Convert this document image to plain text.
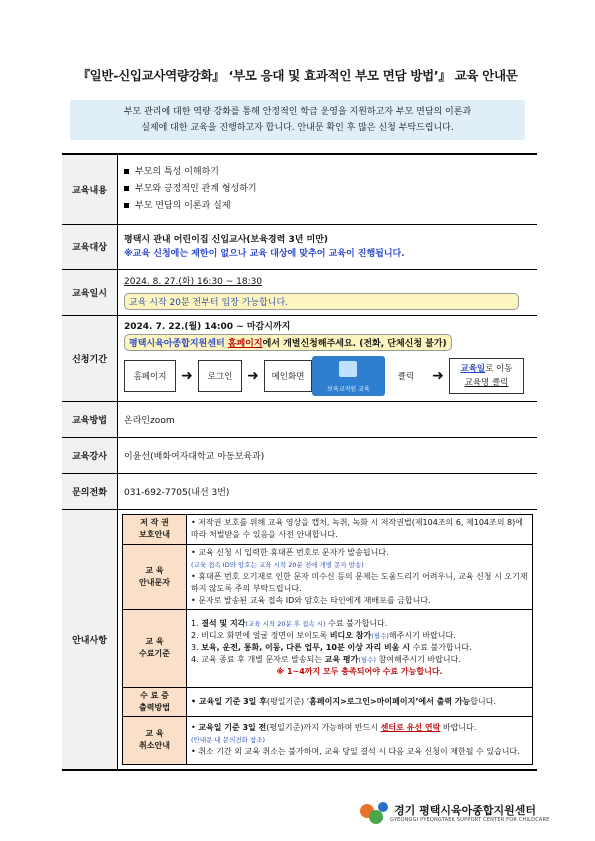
『일반-신입교사역량강화』 ‘부모 응대 및 효과적인 부모 면담 방법’』 교육 안내문
부모 관리에 대한 역량 강화를 통해 안정적인 학급 운영을 지원하고자 부모 면담의 이론과
실제에 대한 교육을 진행하고자 합니다. 안내문 확인 후 많은 신청 부탁드립니다.
교육내용	
부모의 특성 이해하기
부모와 긍정적인 관계 형성하기
부모 면담의 이론과 실제

교육대상	
평택시 관내 어린이집 신입교사(보육경력 3년 미만)
※교육 신청에는 제한이 없으나 교육 대상에 맞추어 교육이 진행됩니다.

교육일시	
2024. 8. 27.(화) 16:30 ~ 18:30
교육 시작 20분 전부터 입장 가능합니다.
신청기간	
2024. 7. 22.(월) 14:00 ~ 마감시까지
평택시육아종합지원센터 홈페이지에서 개별신청해주세요. (전화, 단체신청 불가)
홈페이지	➜	로그인	➜	메인화면
보육교직원 교육
클릭	➜	교육일로 이동
교육명 클릭

교육방법	온라인zoom
교육강사	이윤선(배화여자대학교 아동보육과)
문의전화	031-692-7705(내선 3번)
안내사항	
저 작 권
보호안내
	• 저작권 보호를 위해 교육 영상을 캡처, 녹취, 녹화 시 저작권법(제104조의 6, 제104조의 8)에 따라 처벌받을 수 있음을 사전 안내합니다.

교 육
안내문자

• 교육 신청 시 입력한 휴대폰 번호로 문자가 발송됩니다.
(교육 접속 ID와 암호는 교육 시작 20분 전에 개별 문자 발송)
• 휴대폰 번호 오기재로 인한 문자 미수신 등의 문제는 도움드리기 어려우니, 교육 신청 시 오기재하지 않도록 주의 부탁드립니다.
• 문자로 발송된 교육 접속 ID와 암호는 타인에게 재배포를 금합니다.

교 육
수료기준

1. 결석 및 지각(교육 시작 20분 후 접속 시) 수료 불가합니다.
2. 비디오 화면에 얼굴 정면이 보이도록 비디오 참가(필수)해주시기 바랍니다.
3. 보육, 운전, 통화, 이동, 다른 업무, 10분 이상 자리 비움 시 수료 불가합니다.
4. 교육 종료 후 개별 문자로 발송되는 교육 평가(필수) 참여해주시기 바랍니다.
※ 1~4까지 모두 충족되어야 수료 가능합니다.

수 료 증
출력방법
	• 교육일 기준 3일 후(평일기준) ‘홈페이지>로그인>마이페이지’에서 출력 가능합니다.

교 육
취소안내

• 교육일 기준 3일 전(평일기준)까지 가능하며 반드시 센터로 유선 연락 바랍니다.
(안내문 내 문의전화 참조)
• 취소 기간 외 교육 취소는 불가하며, 교육 당일 결석 시 다음 교육 신청이 제한될 수 있습니다.
경기 평택시육아종합지원센터
GYEONGGI PYEONGTAEK SUPPORT CENTER FOR CHILDCARE
